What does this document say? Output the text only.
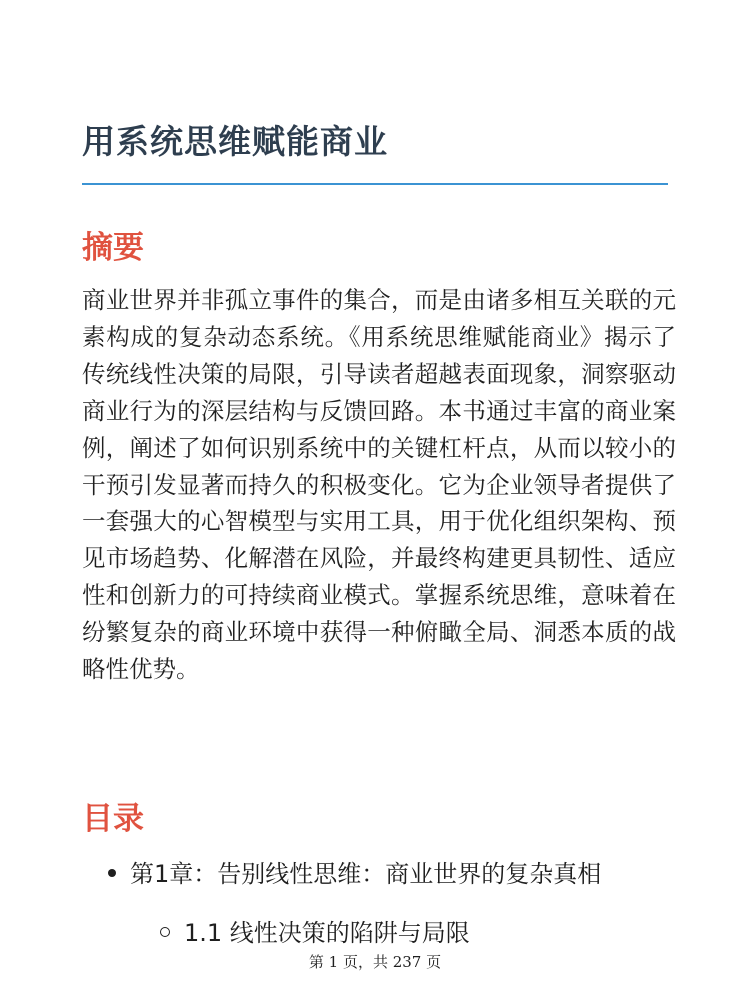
用系统思维赋能商业
摘要

商业世界并非孤立事件的集合，而是由诸多相互关联的元素构成的复杂动态系统。《用系统思维赋能商业》揭示了传统线性决策的局限，引导读者超越表面现象，洞察驱动商业行为的深层结构与反馈回路。本书通过丰富的商业案例，阐述了如何识别系统中的关键杠杆点，从而以较小的干预引发显著而持久的积极变化。它为企业领导者提供了一套强大的心智模型与实用工具，用于优化组织架构、预见市场趋势、化解潜在风险，并最终构建更具韧性、适应性和创新力的可持续商业模式。掌握系统思维，意味着在纷繁复杂的商业环境中获得一种俯瞰全局、洞悉本质的战略性优势。

目录
第1章：告别线性思维：商业世界的复杂真相
1.1 线性决策的陷阱与局限
第 1 页，共 237 页
